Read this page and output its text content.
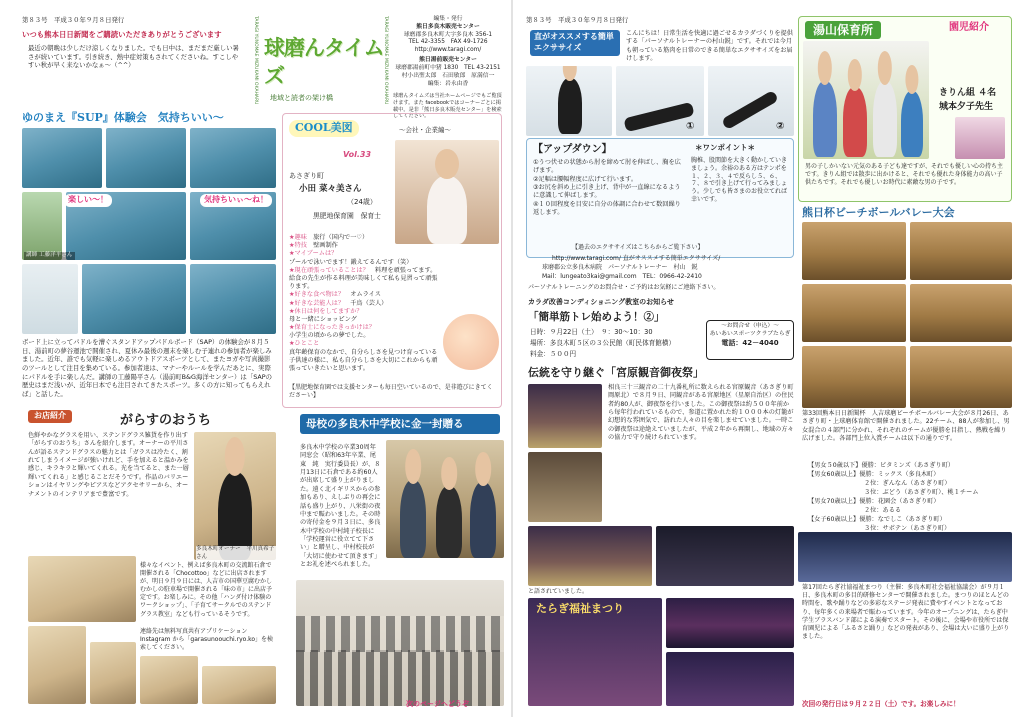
第８３号　平成３０年９月８日発行
いつも熊本日日新聞をご購読いただきありがとうございます
最近の朝晩は少しだけ涼しくなりました。でも日中は、まだまだ厳しい暑さが続いています。引き続き、熱中症対策もされてくださいね。すこしやすい秋が早く来ないかなぁ～（^^）	TARAGI YUNOMAE MIZUKAMI OKAHARU 球磨んタイムズ
地域と読者の架け橋	TARAGI YUNOMAE MIZUKAMI OKAHARU	編集・発行
熊日多良木販売センター
球磨郡多良木町大字多良木 356-1
TEL 42-3355　FAX 49-1726
http://www.taragi.com/
熊日湯前販売センター
球磨郡湯前町中猪 1830　TEL 43-2151
村小出聖太郎　石田敏郎　原満信一
編集：岩永由香
球磨んタイムズは当社ホームページでもご覧頂けます。また facebookではコーナーごとに掲載中。是非「熊日多良木販売センター」を検索してください。
ゆのまえ『SUP』体験会　気持ちいい～
楽しい～！	気持ちいぃ～ね！
講師 工藤洋平さん
ボード上に立ってパドルを漕ぐスタンドアップパドルボード（SAP）の体験会が８月５日、湯前町の夢谷運池で開催され、夏休み最後の週末を楽しむ子連れの参加者が楽しみました。近年、誰でも気軽に楽しめるアウトドアスポーツとして、またヨガや写真撮影のツールとして注目を集めている。参加者達は、マナーやルールを学んだあとに、実際にパドルを手に楽しんだ。講師の工藤陽平さん（湯前町B&G海洋センター）は「SAPの歴史はまだ浅いが、近年日本でも注目されてきたスポーツ。多くの方に知ってもらえれば」と話した。
COOL美図	～会社・企業編～
Vol.33
あさぎり町
小田 菜々美さん
（24歳）
黒肥地保育園　保育士
★趣味　 旅行（国内で一♡）
★特技　 壁画制作
★マイブームは？
プールで泳いでます！鍛えてるんです（笑）
★現在頑張っていることは？　 料理を頑張ってます。給食の先生が作る料理が美味しくて私も見習って頑張ります。
★好きな食べ物は？　 オムライス
★好きな芸能人は？　 千鳥（芸人）
★休日は何をしてますか？
母と一緒にショッピング
★保育士になったきっかけは？
小学生の頃からの夢でした。
★ひとこと
真年齢保育のなかで、自分らしさを見つけ育っている子供達の様に、私も自分らしさを大切にこれからも頑張っていきたいと思います。
【黒肥地保育園では支援センターも毎日空いているので、是非遊びにきてくださーい】
お店紹介	がらすのおうち
色鮮やかなグラスを用い、ステンドグラス雑貨を作り出す「がらすのおうち」さんを紹介します。オーナーの平川さんが語るステンドグラスの魅力とは「ガラスは冷たく、割れてしまうイメージが強いけれど、手を加えると温かみを感じ、キラキラと輝いてくれる。光を当てると、また一層輝いてくれる」と感じることだそうです。作品のバリエーションはイヤリングやピアスなどアクセサリーから、オーナメントのインテリアまで豊富です。
多良木町オーナー　平川真希子さん
様々なイベント、例えば多良木町の交流館石倉で開催される「Chocottoo」などに出店されますが、明日９月９日には、人吉市の国華豆腐むかしむかしの駐車場で開催される「味の市」に出店予定です。お楽しみに。その他「ハンダ付け体験のワークショップ」、「子育てサークルでのステンドグラス教室」なども行っているそうです。
連絡先は無料写真共有アプリケーション Instagram から「garasunoouchi.ryo.ko」を検索してください。
母校の多良木中学校に金一封贈る
多良木中学校の卒業30周年同窓会（昭和63年卒業、尾東　純　実行委員長）が、８月13日に石倉である約60人が出席して盛り上がりました。遠く北イギリスからの参加もあり、えしぶりの再会に話も盛り上がり、八栄街の夜中まで賑わいました。その時の寄付金を９月３日に、多良木中学校の中村純子校長に「学校運営に役立てて下さい」と贈呈し、中村校長が「大切に使わせて頂きます」とお礼を述べられました。
次のページへどうぞ
第８３号　平成３０年９月８日発行
直がオススメする簡単エクササイズ
こんにちは！日常生活を快適に過ごせるカラダづくりを提供する「パーソナルトレーナーの村山鋭」です。それでは今月も朝っている筋肉を日常のできる簡単なエクササイズをお届けします。
①	②
【アップダウン】
①うつ伏せの状態から肘を締めて肘を伸ばし、胸を広げます。
②足幅は腰幅程度に広げて行います。
③お尻を斜め上に引き上げ、背中が一直線になるように意識して伸ばします。
④１０回程度を目安に自分の体調に合わせて数回繰り返します。
＊ワンポイント＊
胸椎、股関節を大きく動かしていきましょう。余裕のある方はテンポを１、２、３、４で反らし５、６、７、８で引き上げて行ってみましょう。少しでも皆さまのお役立てれば幸いです。
【過去のエクササイズはこちらからご覧下さい】
http://www.taragi.com/ 直がオススメする簡単エクササイズ/
球磨郡公立多良木病院　パーソナルトレーナー　村山　鋭
Mail：lungeato3kai@gmail.com　TEL：0966-42-2410
パーソナルトレーニングのお問合せ・ご予約はお気軽にご連絡下さい。
カラダ改善コンディショニング教室のお知らせ
「簡単筋トレ始めよう！②」
日時：９月22日（土）　９：30～10：30
場所：多良木町５区の３公民館（町民体育館横）
料金：５００円
～お問合せ（申込）～
あいあいスポーツクラブたらぎ
電話：42－4040
湯山保育所	園児紹介
きりん組 ４名
城本夕子先生
男の子しかいない元気のある子ども達ですが、それでも優しい心の持ち主です。きりん組では散歩に出かけると、それでも優れた身体能力の高い子供たちです。それでも優しいお時代に素敵な男の子です。
熊日杯ビーチボールバレー大会
第33回熊本日日新聞杯　人吉球磨ビーチボールバレー大会が８月26日、あさぎり町・上球磨体育館で開催されました。22チーム、88人が参加し、男女混合の４部門に分かれ、それぞれのチームが優勝を目指し、熱戦を繰り広げました。各部門上位入賞チームは以下の通りです。
【男女５0歳以下】優勝：ビタミンズ（あさぎり町）
【男女60歳以上】優勝：ミックス（多良木町）
２位：ぎんなん（あさぎり町）
３位：ぶどう（あさぎり町）、桃１チーム
【男女70歳以上】優勝：花園会（あさぎり町）
２位：あるる
【女子60歳以上】優勝：なでしこ（あさぎり町）
３位：サボテン（あさぎり町）
伝統を守り継ぐ「宮原観音御夜祭」
相良三十三観音の二十九番札所に数えられる宮原観音（あさぎり町岡原北）で８月９日、同観音がある宮原地区（星原自治区）の住民者約80人が、御夜祭を行いました。この御夜祭は約５００年前から毎年行われているもので、参道に置かれた約１０００本の灯籠が幻想的な雰囲気で、訪れた人々の目を楽しませていました。一時この御夜祭は途絶えていましたが、平成２年から再開し、地域の方々の協力で守り続けられています。
と語されていました。
たらぎ福祉まつり
第17回たらぎ社協福祉まつり（主催：多良木町社会福祉協議会）が９月１日、多良木町の多目的研修センターで開催されました。まつりのほとんどの時間を、歌や踊りなどの多彩なステージ発表に費やすイベントとなっており、毎年多くの来場者で賑わっています。今年のオープニングは、たらぎ中学生ブラスバンド部による演奏でスタート。その後に、会場や市役所では保育園児による「ふるさと踊り」などの発表があり、会場は大いに盛り上がりました。
次回の発行日は９月２２日（土）です。お楽しみに！
